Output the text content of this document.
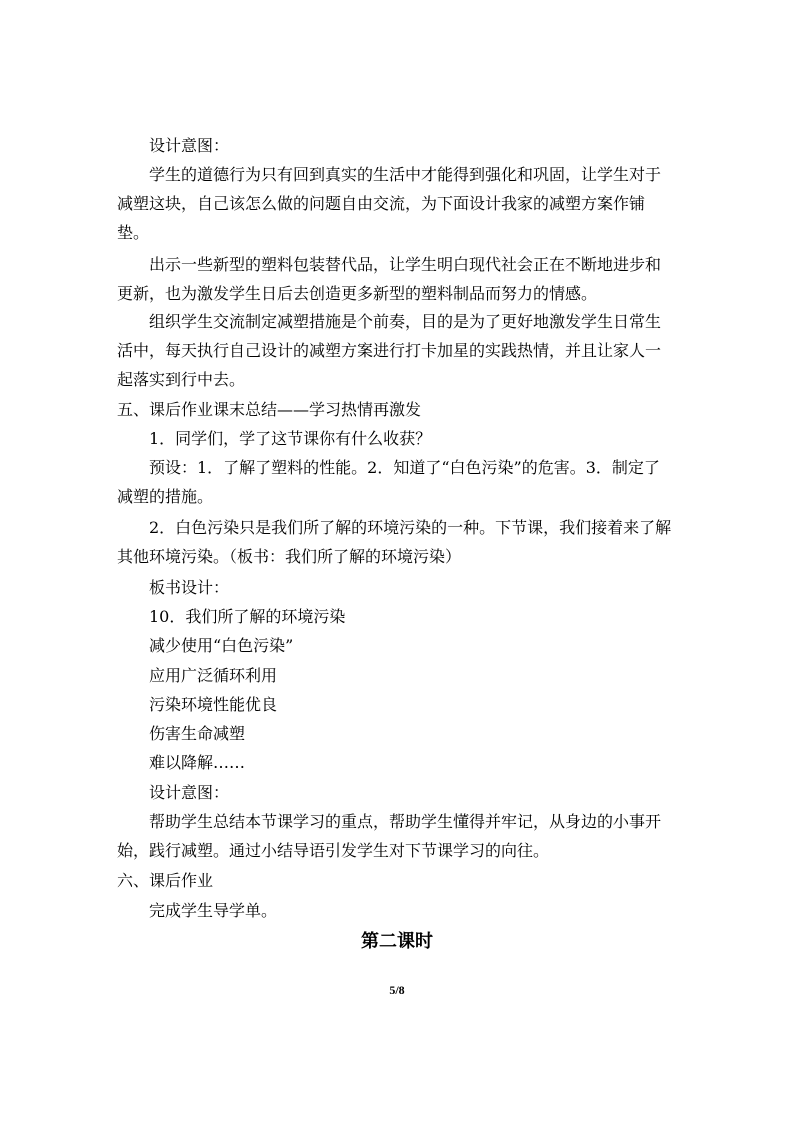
设计意图：
学生的道德行为只有回到真实的生活中才能得到强化和巩固，让学生对于
减塑这块，自己该怎么做的问题自由交流，为下面设计我家的减塑方案作铺
垫。
出示一些新型的塑料包装替代品，让学生明白现代社会正在不断地进步和
更新，也为激发学生日后去创造更多新型的塑料制品而努力的情感。
组织学生交流制定减塑措施是个前奏，目的是为了更好地激发学生日常生
活中，每天执行自己设计的减塑方案进行打卡加星的实践热情，并且让家人一
起落实到行中去。
五、课后作业课末总结——学习热情再激发
1．同学们，学了这节课你有什么收获？
预设：1．了解了塑料的性能。2．知道了“白色污染”的危害。3．制定了
减塑的措施。
2．白色污染只是我们所了解的环境污染的一种。下节课，我们接着来了解
其他环境污染。（板书：我们所了解的环境污染）
板书设计：
10．我们所了解的环境污染
减少使用“白色污染”
应用广泛循环利用
污染环境性能优良
伤害生命减塑
难以降解……
设计意图：
帮助学生总结本节课学习的重点，帮助学生懂得并牢记，从身边的小事开
始，践行减塑。通过小结导语引发学生对下节课学习的向往。
六、课后作业
完成学生导学单。
第二课时
5/8
